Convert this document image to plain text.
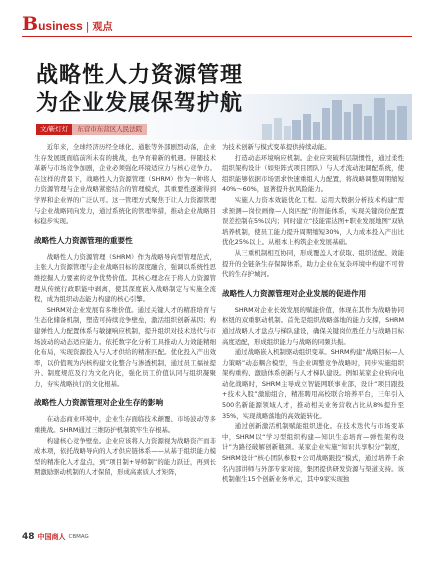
B usiness | 观点
战略性人力资源管理
为企业发展保驾护航
文/靳灯灯	东营市东营区人民法院

近年来，全球经济历经全球化、通胀等外部剧烈动荡，企业生存发展既面临前所未有的挑战，也孕育着新的机遇。伴随技术革新与市场竞争加剧，企业必须强化环境适应力与核心竞争力。在这样的背景下，战略性人力资源管理（SHRM）作为一种将人力资源管理与企业战略紧密结合的管理模式，其重要性逐渐得到学界和企业界的广泛认可。这一管理方式聚焦于让人力资源管理与企业战略同向发力，通过系统化的管理举措，推动企业战略目标稳步实现。

战略性人力资源管理的重要性

战略性人力资源管理（SHRM）作为战略导向型管理范式，主张人力资源管理与企业战略目标的深度融合，强调以系统性思维挖掘人力要素的竞争优势价值。其核心理念在于将人力资源管理从传统行政职能中剥离，使其深度嵌入战略制定与实施全流程，成为组织动态能力构建的核心引擎。

SHRM对企业发展有多维价值。通过关键人才的精准培育与生态化储备机制，塑造可持续竞争壁垒，激活组织创新基因；构建弹性人力配置体系与敏捷响应机制，提升组织对技术迭代与市场波动的动态适应能力。依托数字化分析工具推动人力效能精细化布局，实现资源投入与人才供给的精准匹配。优化投入产出效率，以价值观为内核构建文化整合与渗透机制，通过员工福祉提升、制度规范及行为文化内化，强化员工价值认同与组织凝聚力，夯实战略执行的文化根基。

战略性人力资源管理对企业生存的影响

在动态商业环境中，企业生存面临技术颠覆、市场波动等多重挑战。SHRM通过三维防护机制筑牢生存根基。

构建核心竞争壁垒。企业应该将人力资源视为战略资产而非成本项，依托战略导向的人才供应链体系——从基于组织能力模型的精准化人才盘点，到“项目制+导师制”的能力跃迁，再到长期激励驱动机制的人才保留，形成高素质人才矩阵，

为技术创新与模式变革提供持续动能。

打造动态环境响应机制。企业应突破科层制惯性，通过柔性组织架构设计（如矩阵式项目团队）与人才流动池调配系统，使组织能够依据市场需求快速重组人力配置，将战略调整周期缩短40%～60%，显著提升抗风险能力。

实施人力资本效能优化工程。运用大数据分析技术构建“需求预测—岗位画像—人岗匹配”的智能体系，实现关键岗位配置误差控制在5%以内；同时建立“技能雷达图+职业发展地图”双轨培养机制，使员工能力提升周期缩短30%，人力成本投入产出比优化25%以上。从根本上构筑企业发展基础。

从三重机制相互协同，形成覆盖人才获取、组织适配、效能提升的全链条生存保障体系，助力企业在复杂环境中构建不可替代的生存护城河。

战略性人力资源管理对企业发展的促进作用

SHRM对企业长效发展的赋能价值，体现在其作为战略协同枢纽的双重驱动机制。首先是组织战略落地的能力支撑，SHRM通过战略人才盘点与梯队建设，确保关键岗位胜任力与战略目标高度适配，形成组织能力与战略的同频共振。

通过战略嵌入机制驱动组织变革。SHRM构建“战略目标—人力策略”动态耦合模型，当企业调整竞争战略时，同步实施组织架构重构、激励体系创新与人才梯队建设。例如某家企业转向电动化战略时，SHRM主导成立智能网联事业部，设计“项目跟投+技术入股”激励组合，精准聘用高校联合培养平台，三年引入500名新能源领域人才，推动相关业务营收占比从8%提升至35%，实现战略落地的高效能转化。

通过创新激活机制赋能组织进化。在技术迭代与市场变革中，SHRM以“学习型组织构建—知识生态培育—弹性架构设计”为路径破解创新瓶颈。某家企业实施“知识共享积分”制度，SHRM设计“核心团队参股+公司战略跟投”模式，通过培养千余名内部讲师与外部专家对接，集团提供研发资源与渠道支持。该机制催生15个创新业务单元，其中9家实现独

48 中国商人 CBMAG
